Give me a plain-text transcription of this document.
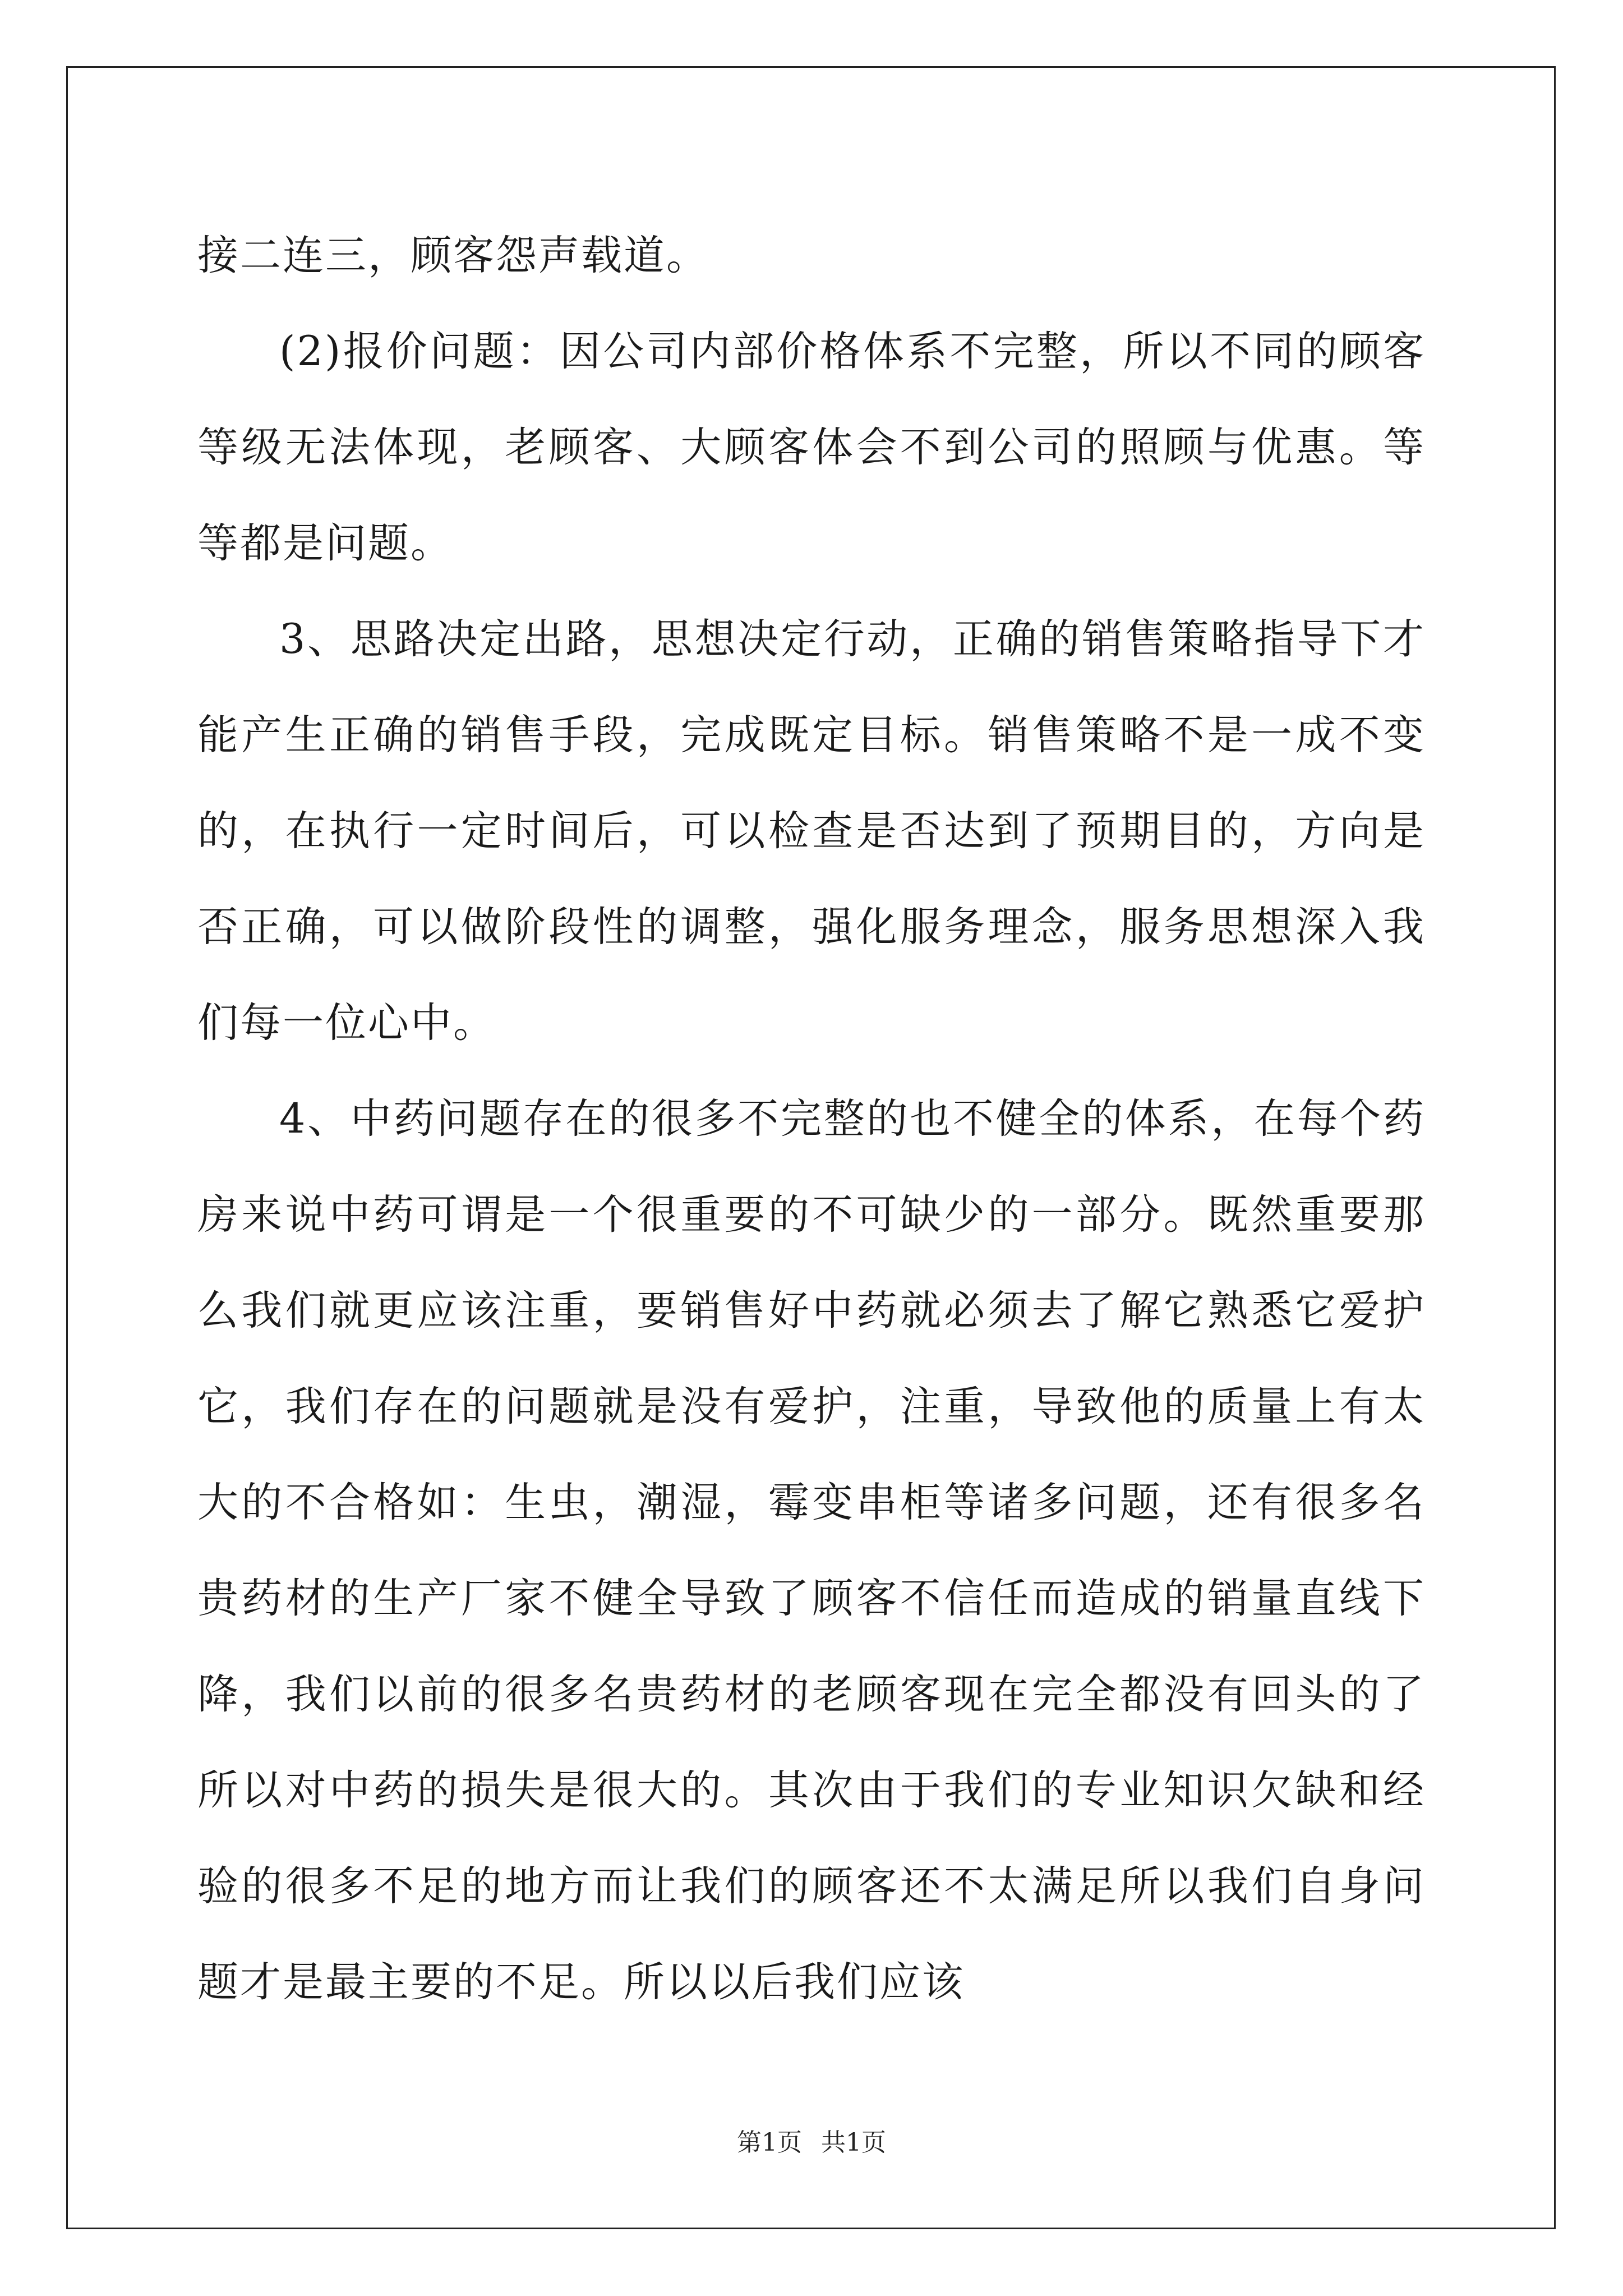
接二连三，顾客怨声载道。

(2)报价问题：因公司内部价格体系不完整，所以不同的顾客等级无法体现，老顾客、大顾客体会不到公司的照顾与优惠。等等都是问题。

3、思路决定出路，思想决定行动，正确的销售策略指导下才能产生正确的销售手段，完成既定目标。销售策略不是一成不变的，在执行一定时间后，可以检查是否达到了预期目的，方向是否正确，可以做阶段性的调整，强化服务理念，服务思想深入我们每一位心中。

4、中药问题存在的很多不完整的也不健全的体系，在每个药房来说中药可谓是一个很重要的不可缺少的一部分。既然重要那么我们就更应该注重，要销售好中药就必须去了解它熟悉它爱护它，我们存在的问题就是没有爱护，注重，导致他的质量上有太大的不合格如：生虫，潮湿，霉变串柜等诸多问题，还有很多名贵药材的生产厂家不健全导致了顾客不信任而造成的销量直线下降，我们以前的很多名贵药材的老顾客现在完全都没有回头的了所以对中药的损失是很大的。其次由于我们的专业知识欠缺和经验的很多不足的地方而让我们的顾客还不太满足所以我们自身问题才是最主要的不足。所以以后我们应该

第1页 共1页
